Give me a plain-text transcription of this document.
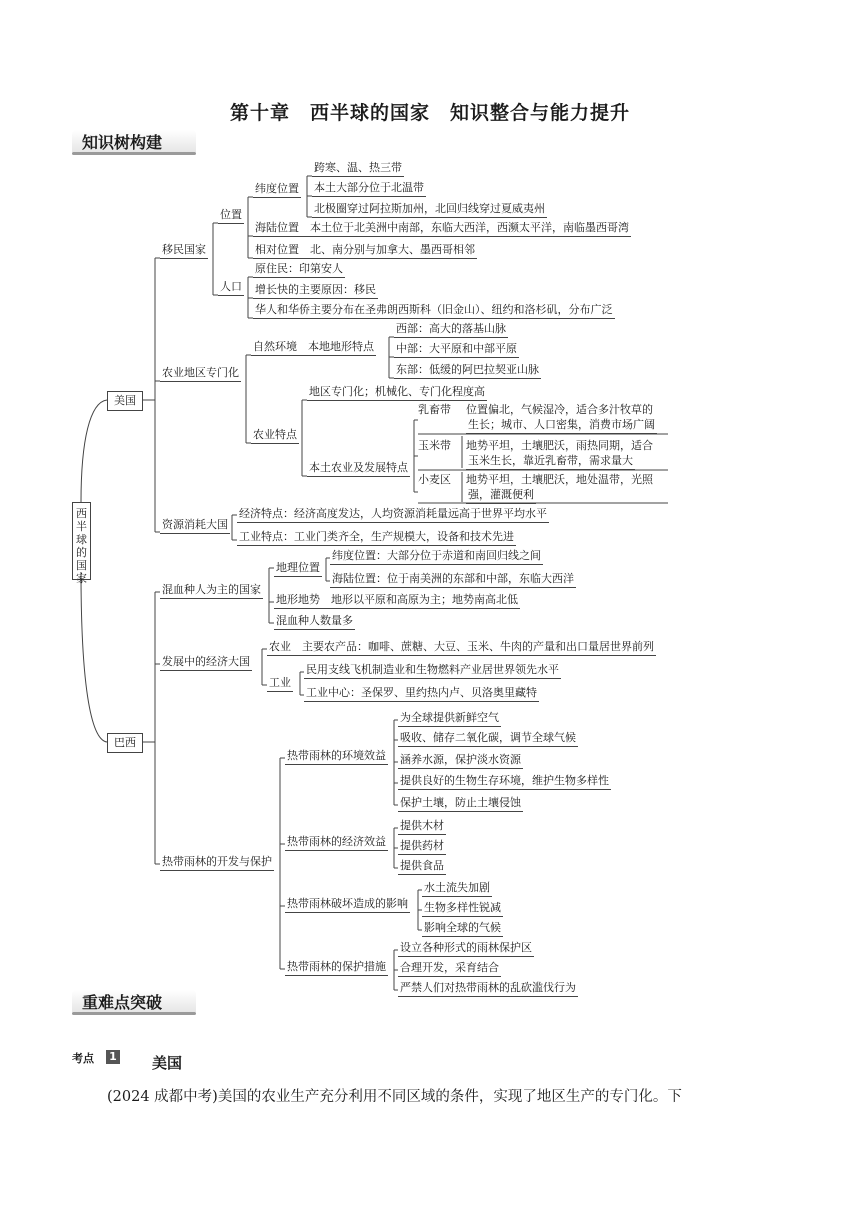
第十章　西半球的国家　知识整合与能力提升
知识树构建
西
半
球
的
国
家
美国
移民国家
位置
纬度位置
跨寒、温、热三带
本土大部分位于北温带
北极圈穿过阿拉斯加州，北回归线穿过夏威夷州
海陆位置　 本土位于北美洲中南部，东临大西洋，西濒太平洋，南临墨西哥湾
相对位置　 北、南分别与加拿大、墨西哥相邻
人口
原住民：印第安人
增长快的主要原因：移民
华人和华侨主要分布在圣弗朗西斯科（旧金山）、纽约和洛杉矶，分布广泛
农业地区专门化
自然环境　 本地地形特点
西部：高大的落基山脉
中部：大平原和中部平原
东部：低缓的阿巴拉契亚山脉
农业特点
地区专门化；机械化、专门化程度高
本土农业及发展特点
乳畜带 位置偏北，气候湿冷，适合多汁牧草的
生长；城市、人口密集，消费市场广阔
玉米带 地势平坦，土壤肥沃，雨热同期，适合
玉米生长，靠近乳畜带，需求量大
小麦区 地势平坦，土壤肥沃，地处温带，光照
强，灌溉便利
资源消耗大国
经济特点：经济高度发达，人均资源消耗量远高于世界平均水平
工业特点：工业门类齐全，生产规模大，设备和技术先进
巴西
混血种人为主的国家
地理位置
纬度位置：大部分位于赤道和南回归线之间
海陆位置：位于南美洲的东部和中部，东临大西洋
地形地势　 地形以平原和高原为主；地势南高北低
混血种人数量多
发展中的经济大国
农业　 主要农产品：咖啡、蔗糖、大豆、玉米、牛肉的产量和出口量居世界前列
工业
民用支线飞机制造业和生物燃料产业居世界领先水平
工业中心：圣保罗、里约热内卢、贝洛奥里藏特
热带雨林的开发与保护
热带雨林的环境效益
为全球提供新鲜空气
吸收、储存二氧化碳，调节全球气候
涵养水源，保护淡水资源
提供良好的生物生存环境，维护生物多样性
保护土壤，防止土壤侵蚀
热带雨林的经济效益
提供木材
提供药材
提供食品
热带雨林破坏造成的影响
水土流失加剧
生物多样性锐减
影响全球的气候
热带雨林的保护措施
设立各种形式的雨林保护区
合理开发，采育结合
严禁人们对热带雨林的乱砍滥伐行为
重难点突破
考点 1 美国
(2024 成都中考)美国的农业生产充分利用不同区域的条件，实现了地区生产的专门化。下
